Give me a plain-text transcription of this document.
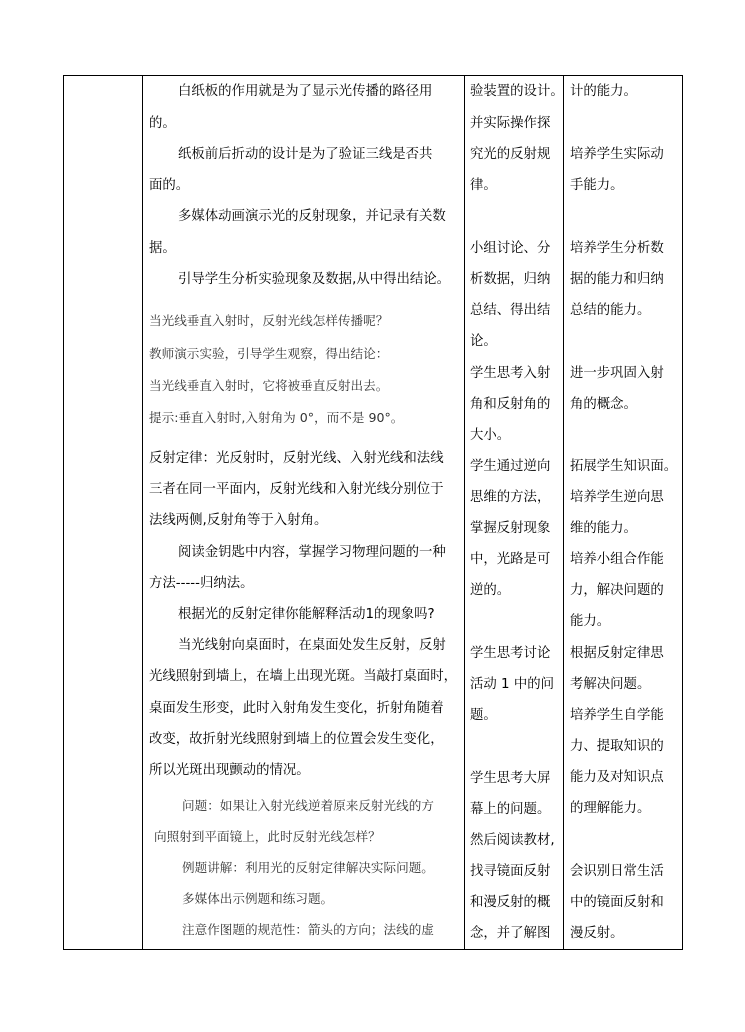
白纸板的作用就是为了显示光传播的路径用
的。
纸板前后折动的设计是为了验证三线是否共
面的。
多媒体动画演示光的反射现象，并记录有关数
据。
引导学生分析实验现象及数据,从中得出结论。
当光线垂直入射时，反射光线怎样传播呢？
教师演示实验，引导学生观察，得出结论：
当光线垂直入射时，它将被垂直反射出去。
提示:垂直入射时,入射角为 0°，而不是 90°。
反射定律：光反射时，反射光线、入射光线和法线
三者在同一平面内，反射光线和入射光线分别位于
法线两侧,反射角等于入射角。
阅读金钥匙中内容，掌握学习物理问题的一种
方法-----归纳法。
根据光的反射定律你能解释活动1的现象吗?
当光线射向桌面时，在桌面处发生反射，反射
光线照射到墙上，在墙上出现光斑。当敲打桌面时，
桌面发生形变，此时入射角发生变化，折射角随着
改变，故折射光线照射到墙上的位置会发生变化，
所以光斑出现颤动的情况。
问题：如果让入射光线逆着原来反射光线的方
向照射到平面镜上，此时反射光线怎样？
例题讲解：利用光的反射定律解决实际问题。
多媒体出示例题和练习题。
注意作图题的规范性：箭头的方向；法线的虚
验装置的设计。
并实际操作探
究光的反射规
律。
小组讨论、分
析数据，归纳
总结、得出结
论。
学生思考入射
角和反射角的
大小。
学生通过逆向
思维的方法，
掌握反射现象
中，光路是可
逆的。
学生思考讨论
活动 1 中的问
题。
学生思考大屏
幕上的问题。
然后阅读教材,
找寻镜面反射
和漫反射的概
念，并了解图
计的能力。
培养学生实际动
手能力。
培养学生分析数
据的能力和归纳
总结的能力。
进一步巩固入射
角的概念。
拓展学生知识面。
培养学生逆向思
维的能力。
培养小组合作能
力，解决问题的
能力。
根据反射定律思
考解决问题。
培养学生自学能
力、提取知识的
能力及对知识点
的理解能力。
会识别日常生活
中的镜面反射和
漫反射。
